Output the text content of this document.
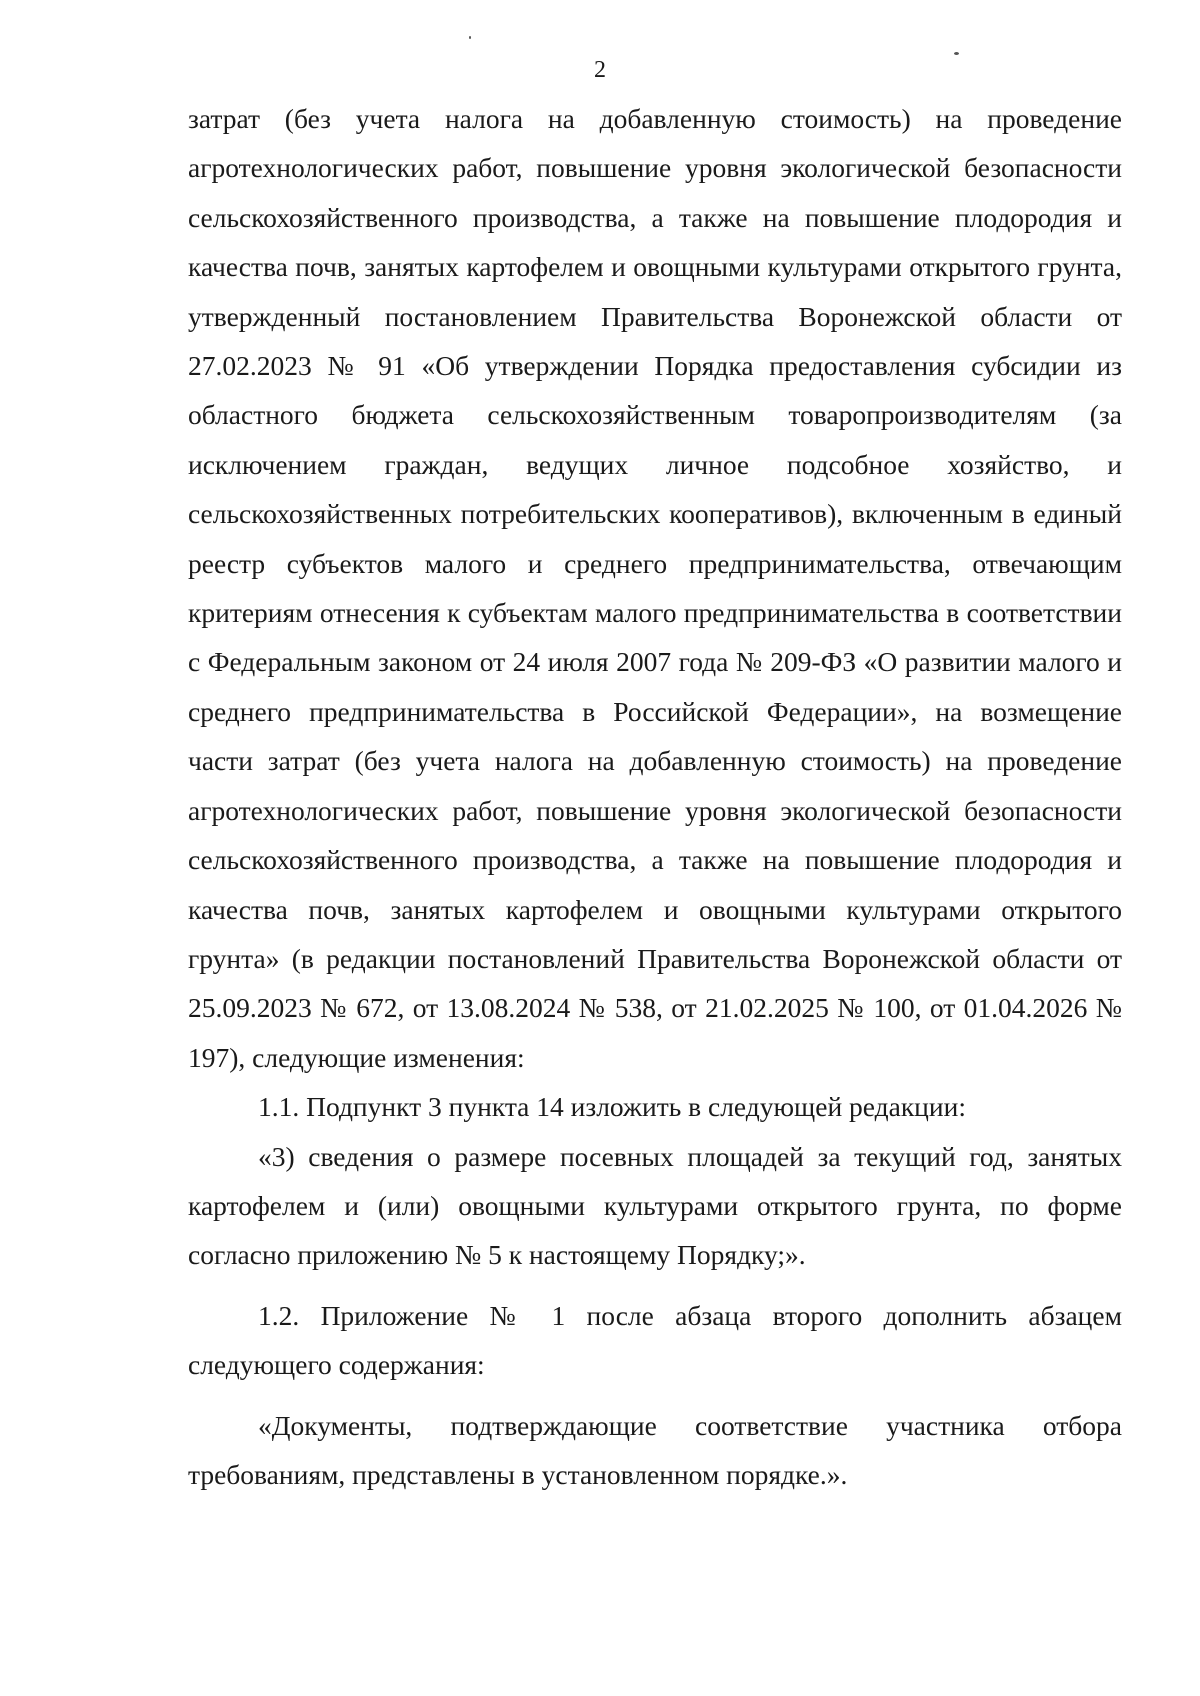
2

затрат (без учета налога на добавленную стоимость) на проведение агротехнологических работ, повышение уровня экологической безопасности сельскохозяйственного производства, а также на повышение плодородия и качества почв, занятых картофелем и овощными культурами открытого грунта, утвержденный постановлением Правительства Воронежской области от 27.02.2023 № 91 «Об утверждении Порядка предоставления субсидии из областного бюджета сельскохозяйственным товаропроизводителям (за исключением граждан, ведущих личное подсобное хозяйство, и сельскохозяйственных потребительских кооперативов), включенным в единый реестр субъектов малого и среднего предпринимательства, отвечающим критериям отнесения к субъектам малого предпринимательства в соответствии с Федеральным законом от 24 июля 2007 года № 209-ФЗ «О развитии малого и среднего предпринимательства в Российской Федерации», на возмещение части затрат (без учета налога на добавленную стоимость) на проведение агротехнологических работ, повышение уровня экологической безопасности сельскохозяйственного производства, а также на повышение плодородия и качества почв, занятых картофелем и овощными культурами открытого грунта» (в редакции постановлений Правительства Воронежской области от 25.09.2023 № 672, от 13.08.2024 № 538, от 21.02.2025 № 100, от 01.04.2026 № 197), следующие изменения:

1.1. Подпункт 3 пункта 14 изложить в следующей редакции:

«3) сведения о размере посевных площадей за текущий год, занятых картофелем и (или) овощными культурами открытого грунта, по форме согласно приложению № 5 к настоящему Порядку;».

1.2. Приложение № 1 после абзаца второго дополнить абзацем следующего содержания:

«Документы, подтверждающие соответствие участника отбора требованиям, представлены в установленном порядке.».
